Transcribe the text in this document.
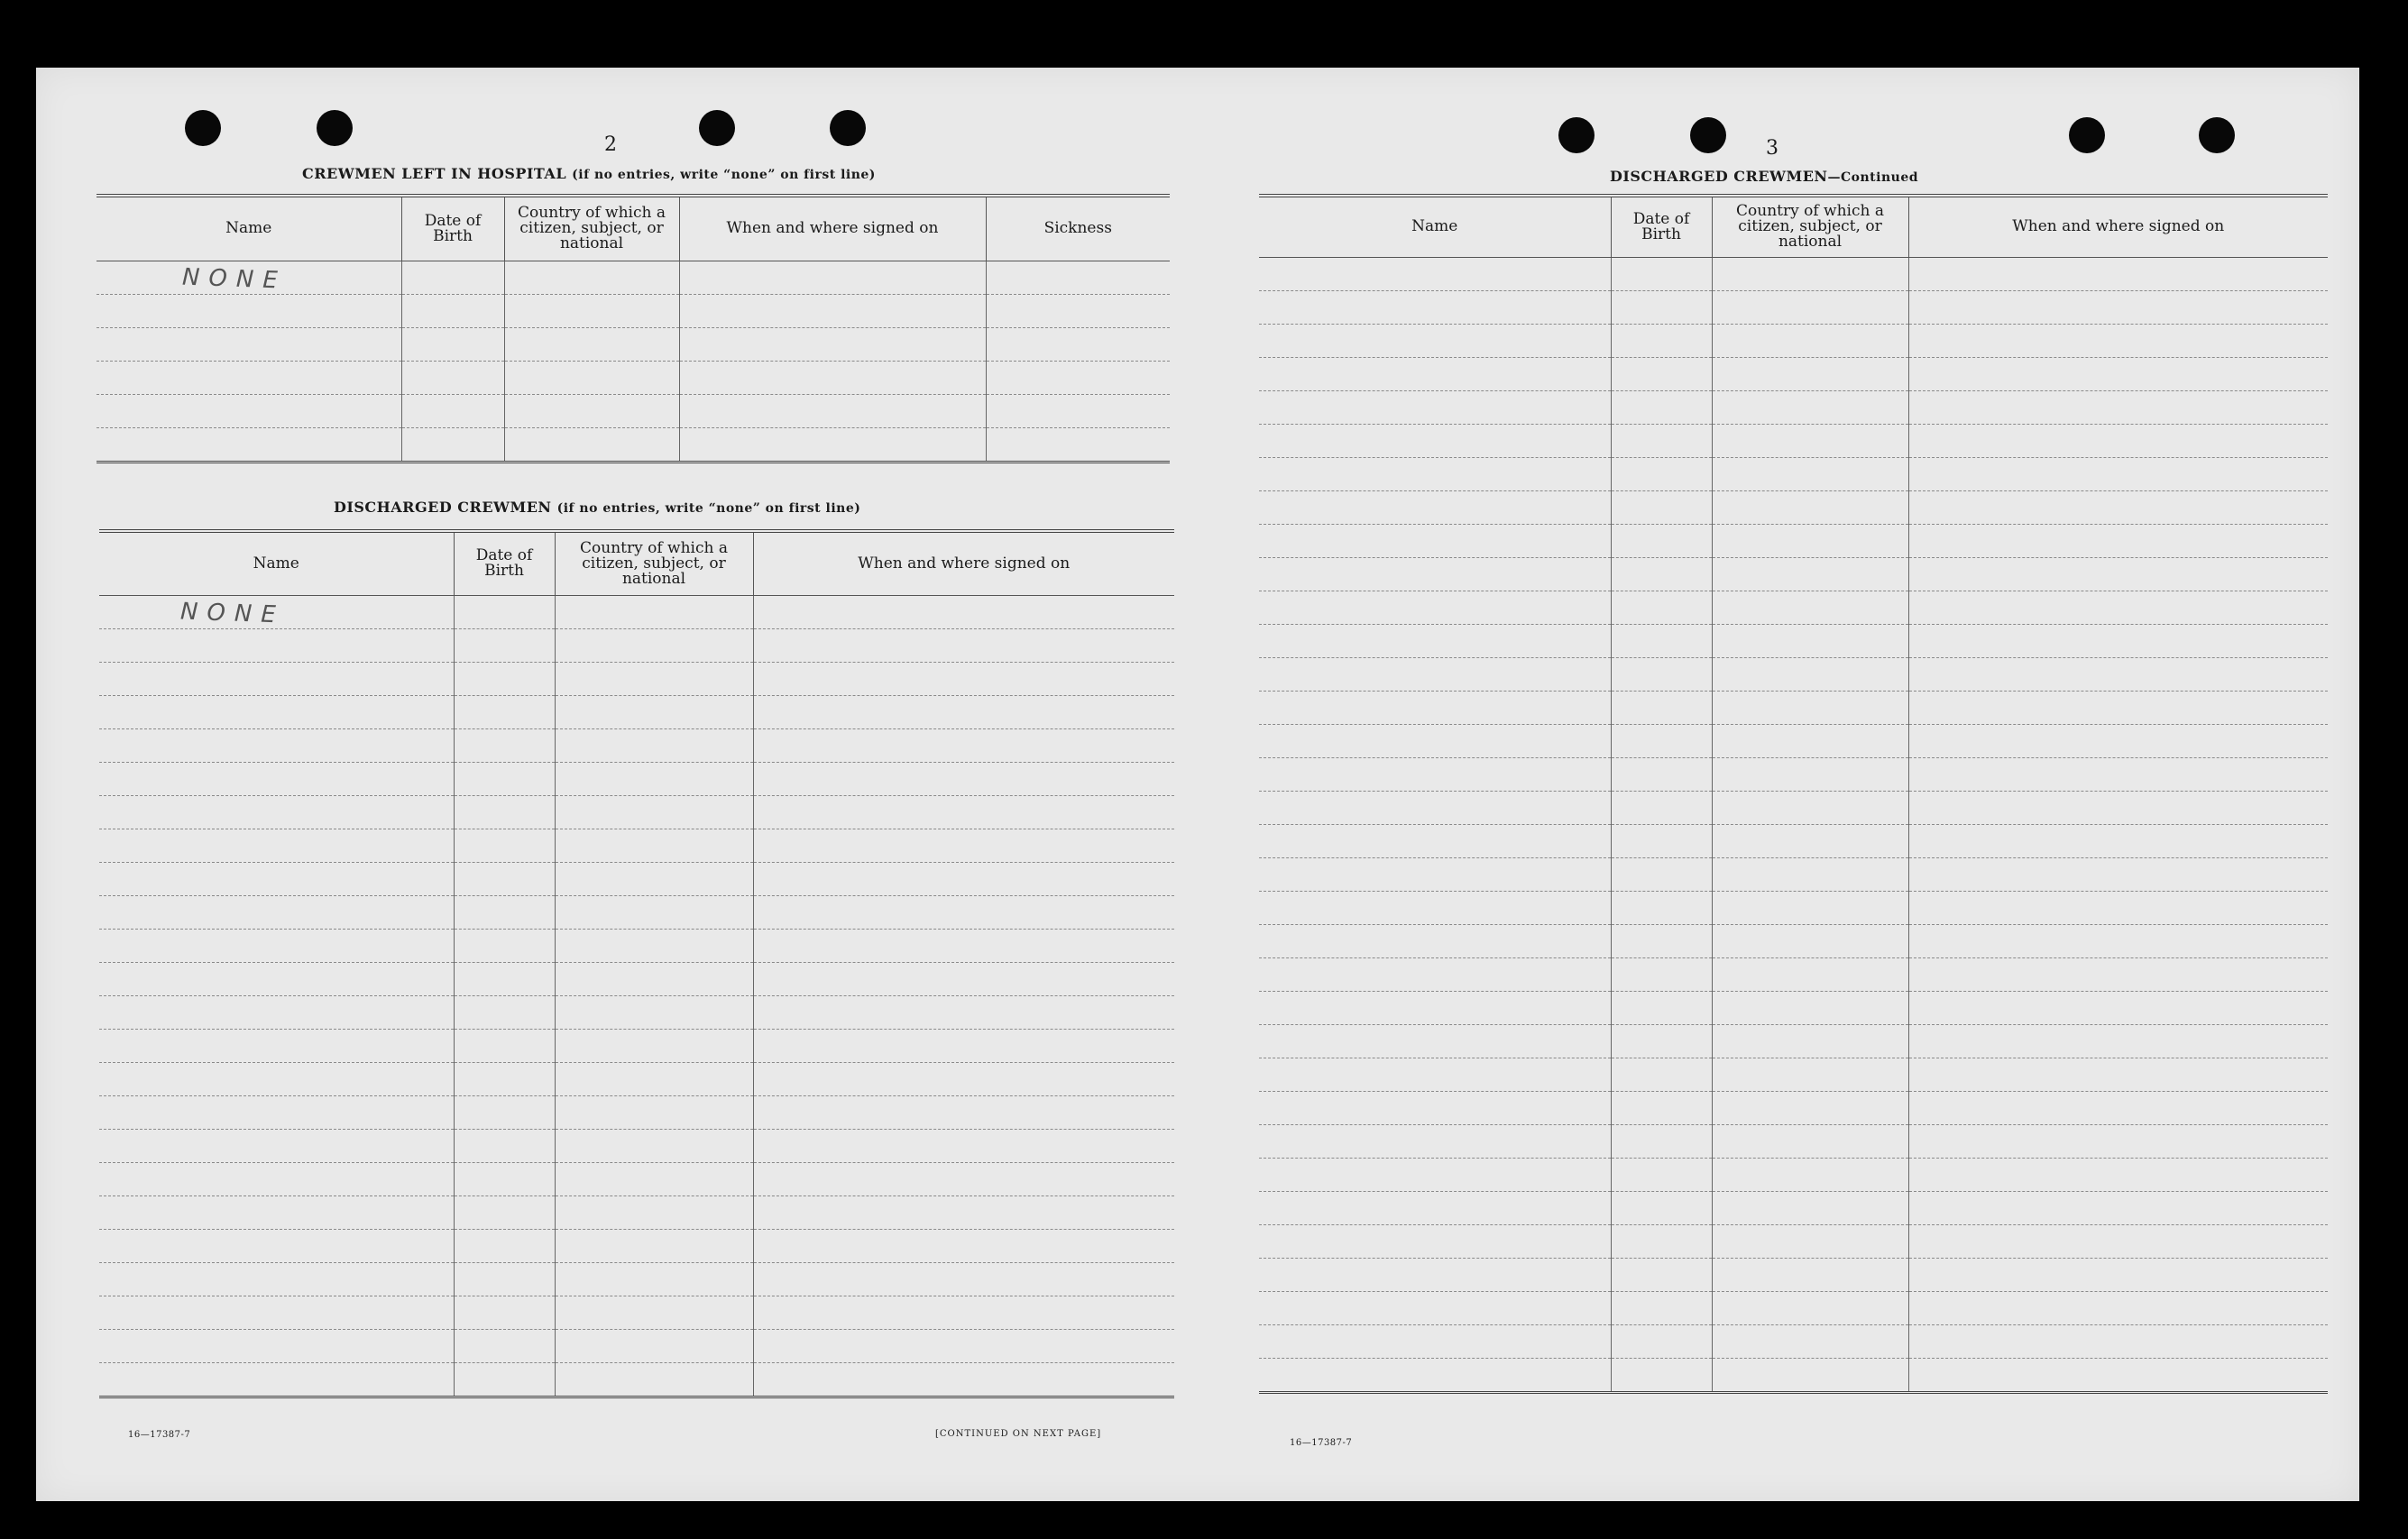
2
CREWMEN LEFT IN HOSPITAL (if no entries, write “none” on first line)
Name	Date of Birth	Country of which a citizen, subject, or national	When and where signed on	Sickness
NONE				

DISCHARGED CREWMEN (if no entries, write “none” on first line)
Name	Date of Birth	Country of which a citizen, subject, or national	When and where signed on
NONE			

16—17387-7	[CONTINUED ON NEXT PAGE]
3
DISCHARGED CREWMEN—Continued
Name	Date of Birth	Country of which a citizen, subject, or national	When and where signed on

16—17387-7
